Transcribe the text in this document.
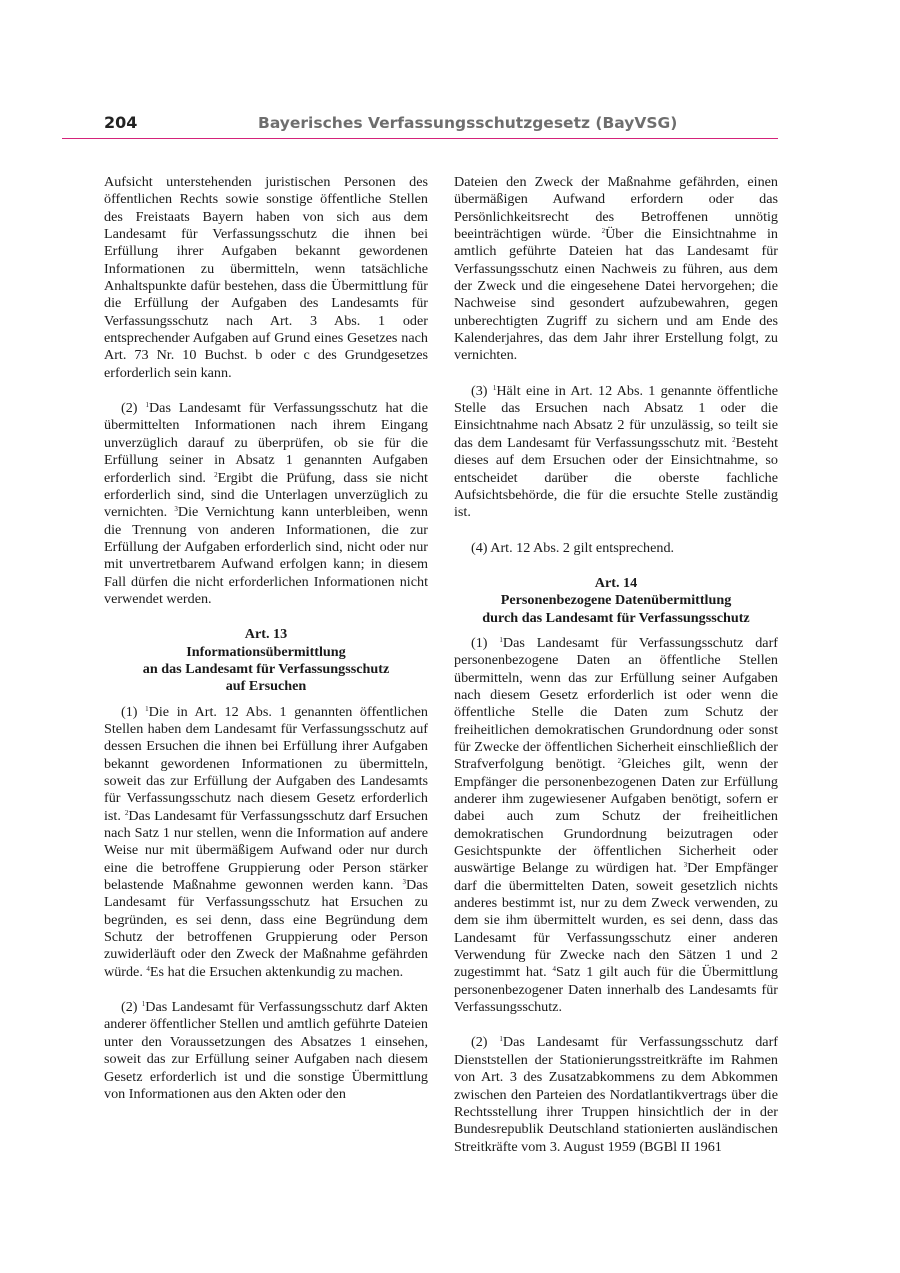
204	Bayerisches Verfassungsschutzgesetz (BayVSG)

Aufsicht unterstehenden juristischen Personen des öffentlichen Rechts sowie sonstige öffentliche Stellen des Freistaats Bayern haben von sich aus dem Landesamt für Verfassungsschutz die ihnen bei Erfüllung ihrer Aufgaben bekannt gewordenen Informationen zu übermitteln, wenn tatsächliche Anhaltspunkte dafür bestehen, dass die Übermittlung für die Erfüllung der Aufgaben des Landesamts für Verfassungsschutz nach Art. 3 Abs. 1 oder entsprechender Aufgaben auf Grund eines Gesetzes nach Art. 73 Nr. 10 Buchst. b oder c des Grundgesetzes erforderlich sein kann.

(2) $^1$Das Landesamt für Verfassungsschutz hat die übermittelten Informationen nach ihrem Eingang unverzüglich darauf zu überprüfen, ob sie für die Erfüllung seiner in Absatz 1 genannten Aufgaben erforderlich sind. $^2$Ergibt die Prüfung, dass sie nicht erforderlich sind, sind die Unterlagen unverzüglich zu vernichten. $^3$Die Vernichtung kann unterbleiben, wenn die Trennung von anderen Informationen, die zur Erfüllung der Aufgaben erforderlich sind, nicht oder nur mit unvertretbarem Aufwand erfolgen kann; in diesem Fall dürfen die nicht erforderlichen Informationen nicht verwendet werden.

Art. 13
Informationsübermittlung
an das Landesamt für Verfassungsschutz
auf Ersuchen

(1) $^1$Die in Art. 12 Abs. 1 genannten öffentlichen Stellen haben dem Landesamt für Verfassungsschutz auf dessen Ersuchen die ihnen bei Erfüllung ihrer Aufgaben bekannt gewordenen Informationen zu übermitteln, soweit das zur Erfüllung der Aufgaben des Landesamts für Verfassungsschutz nach diesem Gesetz erforderlich ist. $^2$Das Landesamt für Verfassungsschutz darf Ersuchen nach Satz 1 nur stellen, wenn die Information auf andere Weise nur mit übermäßigem Aufwand oder nur durch eine die betroffene Gruppierung oder Person stärker belastende Maßnahme gewonnen werden kann. $^3$Das Landesamt für Verfassungsschutz hat Ersuchen zu begründen, es sei denn, dass eine Begründung dem Schutz der betroffenen Gruppierung oder Person zuwiderläuft oder den Zweck der Maßnahme gefährden würde. $^4$Es hat die Ersuchen aktenkundig zu machen.

(2) $^1$Das Landesamt für Verfassungsschutz darf Akten anderer öffentlicher Stellen und amtlich geführte Dateien unter den Voraussetzungen des Absatzes 1 einsehen, soweit das zur Erfüllung seiner Aufgaben nach diesem Gesetz erforderlich ist und die sonstige Übermittlung von Informationen aus den Akten oder den

Dateien den Zweck der Maßnahme gefährden, einen übermäßigen Aufwand erfordern oder das Persönlichkeitsrecht des Betroffenen unnötig beeinträchtigen würde. $^2$Über die Einsichtnahme in amtlich geführte Dateien hat das Landesamt für Verfassungsschutz einen Nachweis zu führen, aus dem der Zweck und die eingesehene Datei hervorgehen; die Nachweise sind gesondert aufzubewahren, gegen unberechtigten Zugriff zu sichern und am Ende des Kalenderjahres, das dem Jahr ihrer Erstellung folgt, zu vernichten.

(3) $^1$Hält eine in Art. 12 Abs. 1 genannte öffentliche Stelle das Ersuchen nach Absatz 1 oder die Einsichtnahme nach Absatz 2 für unzulässig, so teilt sie das dem Landesamt für Verfassungsschutz mit. $^2$Besteht dieses auf dem Ersuchen oder der Einsichtnahme, so entscheidet darüber die oberste fachliche Aufsichtsbehörde, die für die ersuchte Stelle zuständig ist.

(4) Art. 12 Abs. 2 gilt entsprechend.

Art. 14
Personenbezogene Datenübermittlung
durch das Landesamt für Verfassungsschutz

(1) $^1$Das Landesamt für Verfassungsschutz darf personenbezogene Daten an öffentliche Stellen übermitteln, wenn das zur Erfüllung seiner Aufgaben nach diesem Gesetz erforderlich ist oder wenn die öffentliche Stelle die Daten zum Schutz der freiheitlichen demokratischen Grundordnung oder sonst für Zwecke der öffentlichen Sicherheit einschließlich der Strafverfolgung benötigt. $^2$Gleiches gilt, wenn der Empfänger die personenbezogenen Daten zur Erfüllung anderer ihm zugewiesener Aufgaben benötigt, sofern er dabei auch zum Schutz der freiheitlichen demokratischen Grundordnung beizutragen oder Gesichtspunkte der öffentlichen Sicherheit oder auswärtige Belange zu würdigen hat. $^3$Der Empfänger darf die übermittelten Daten, soweit gesetzlich nichts anderes bestimmt ist, nur zu dem Zweck verwenden, zu dem sie ihm übermittelt wurden, es sei denn, dass das Landesamt für Verfassungsschutz einer anderen Verwendung für Zwecke nach den Sätzen 1 und 2 zugestimmt hat. $^4$Satz 1 gilt auch für die Übermittlung personenbezogener Daten innerhalb des Landesamts für Verfassungsschutz.

(2) $^1$Das Landesamt für Verfassungsschutz darf Dienststellen der Stationierungsstreitkräfte im Rahmen von Art. 3 des Zusatzabkommens zu dem Abkommen zwischen den Parteien des Nordatlantikvertrags über die Rechtsstellung ihrer Truppen hinsichtlich der in der Bundesrepublik Deutschland stationierten ausländischen Streitkräfte vom 3. August 1959 (BGBl II 1961
